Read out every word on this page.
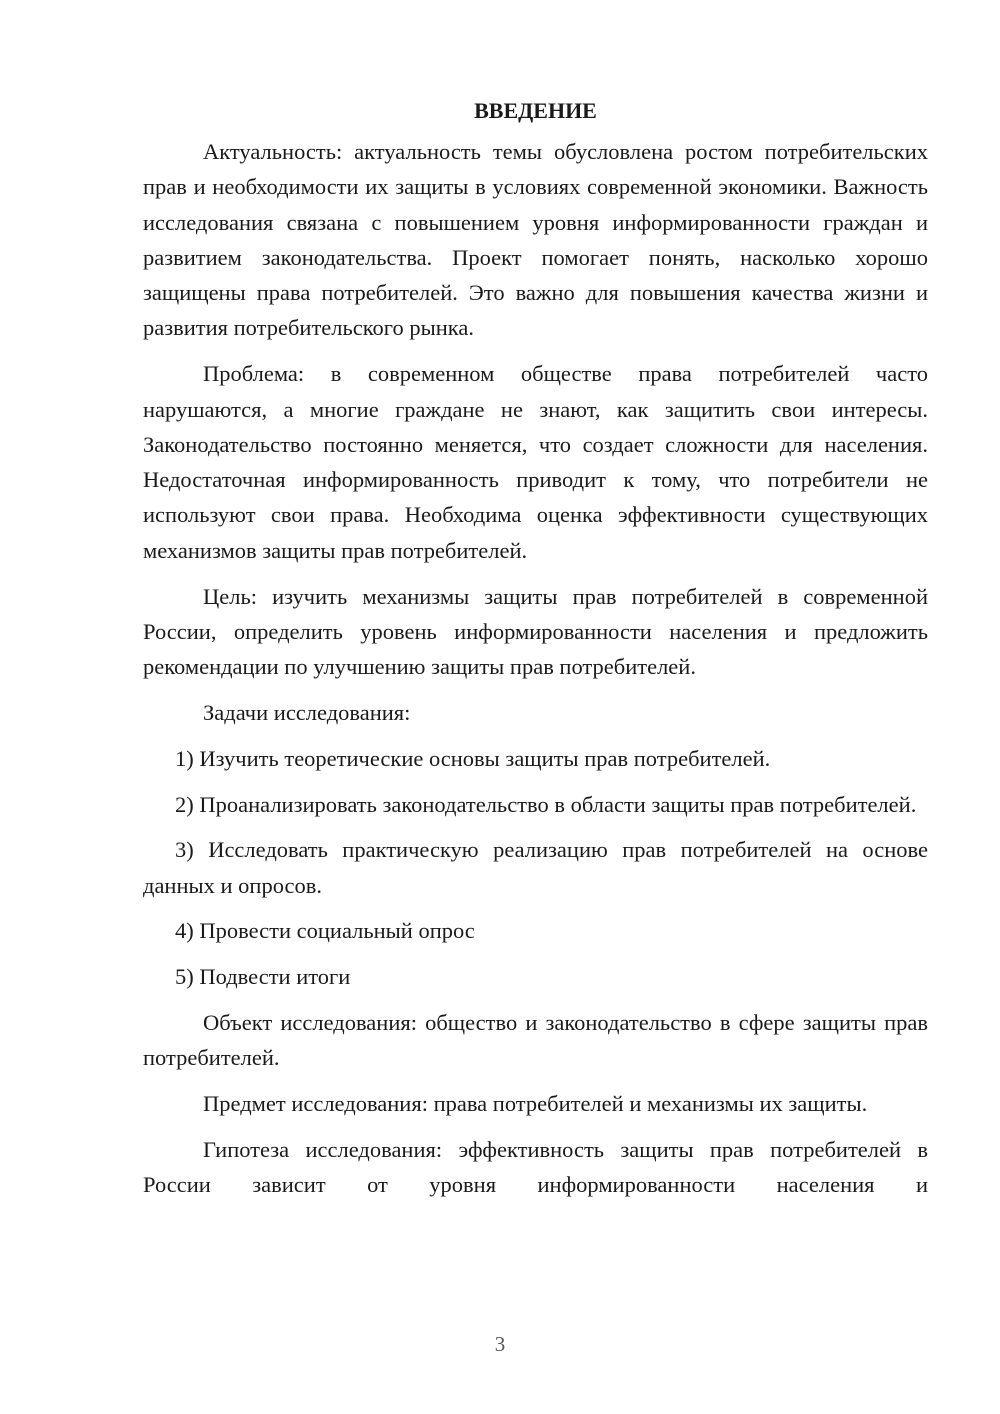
ВВЕДЕНИЕ

Актуальность: актуальность темы обусловлена ростом потребительских прав и необходимости их защиты в условиях современной экономики. Важность исследования связана с повышением уровня информированности граждан и развитием законодательства. Проект помогает понять, насколько хорошо защищены права потребителей. Это важно для повышения качества жизни и развития потребительского рынка.

Проблема: в современном обществе права потребителей часто нарушаются, а многие граждане не знают, как защитить свои интересы. Законодательство постоянно меняется, что создает сложности для населения. Недостаточная информированность приводит к тому, что потребители не используют свои права. Необходима оценка эффективности существующих механизмов защиты прав потребителей.

Цель: изучить механизмы защиты прав потребителей в современной России, определить уровень информированности населения и предложить рекомендации по улучшению защиты прав потребителей.

Задачи исследования:

1) Изучить теоретические основы защиты прав потребителей.

2) Проанализировать законодательство в области защиты прав потребителей.

3) Исследовать практическую реализацию прав потребителей на основе данных и опросов.

4) Провести социальный опрос

5) Подвести итоги

Объект исследования: общество и законодательство в сфере защиты прав потребителей.

Предмет исследования: права потребителей и механизмы их защиты.

Гипотеза исследования: эффективность защиты прав потребителей в России зависит от уровня информированности населения и

3
